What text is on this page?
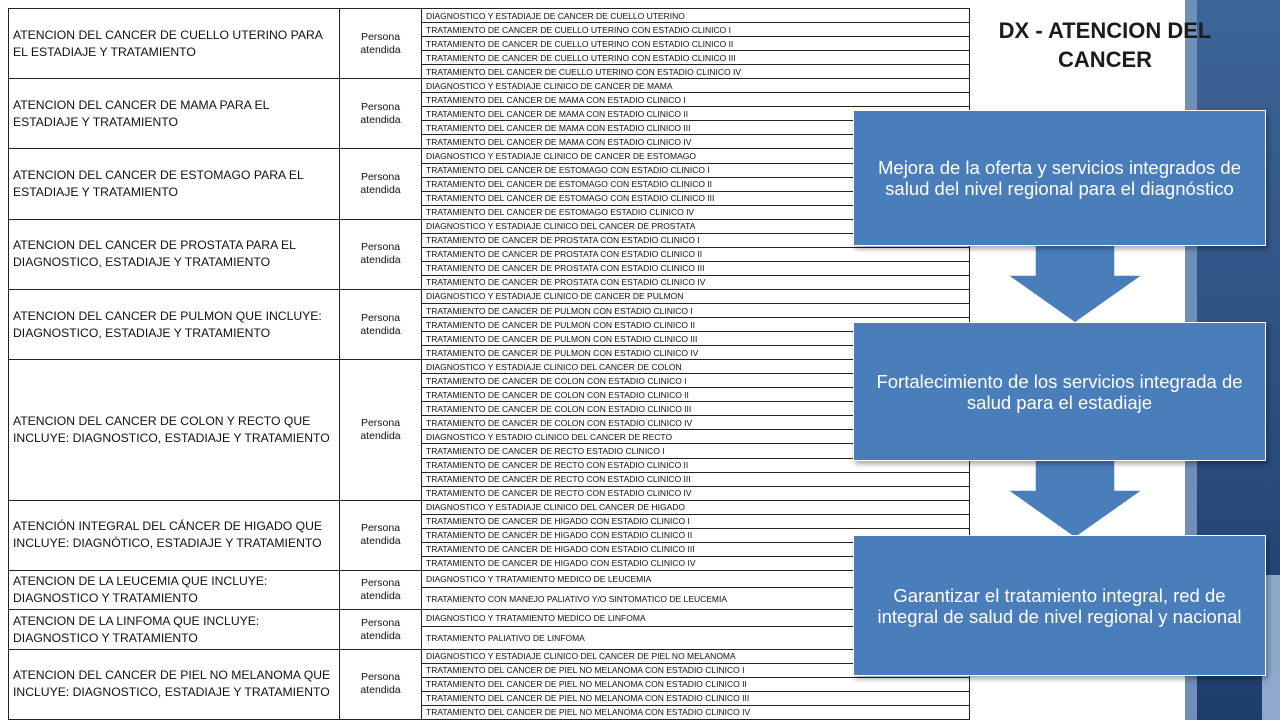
ATENCION DEL CANCER DE CUELLO UTERINO PARA EL ESTADIAJE Y TRATAMIENTO	Persona atendida	DIAGNOSTICO Y ESTADIAJE DE CANCER DE CUELLO UTERINO
		TRATAMIENTO DE CANCER DE CUELLO UTERINO CON ESTADIO CLINICO I
		TRATAMIENTO DE CANCER DE CUELLO UTERINO CON ESTADIO CLINICO II
		TRATAMIENTO DE CANCER DE CUELLO UTERINO CON ESTADIO CLINICO III
		TRATAMIENTO DEL CANCER DE CUELLO UTERINO CON ESTADIO CLINICO IV
ATENCION DEL CANCER DE MAMA PARA EL ESTADIAJE Y TRATAMIENTO	Persona atendida	DIAGNOSTICO Y ESTADIAJE CLINICO DE CANCER DE MAMA
		TRATAMIENTO DEL CANCER DE MAMA CON ESTADIO CLINICO I
		TRATAMIENTO DEL CANCER DE MAMA CON ESTADIO CLINICO II
		TRATAMIENTO DEL CANCER DE MAMA CON ESTADIO CLINICO III
		TRATAMIENTO DEL CANCER DE MAMA CON ESTADIO CLINICO IV
ATENCION DEL CANCER DE ESTOMAGO PARA EL ESTADIAJE Y TRATAMIENTO	Persona atendida	DIAGNOSTICO Y ESTADIAJE CLINICO DE CANCER DE ESTOMAGO
		TRATAMIENTO DEL CANCER DE ESTOMAGO CON ESTADIO CLINICO I
		TRATAMIENTO DEL CANCER DE ESTOMAGO CON ESTADIO CLINICO II
		TRATAMIENTO DEL CANCER DE ESTOMAGO CON ESTADIO CLINICO III
		TRATAMIENTO DEL CANCER DE ESTOMAGO ESTADIO CLINICO IV
ATENCION DEL CANCER DE PROSTATA PARA EL DIAGNOSTICO, ESTADIAJE Y TRATAMIENTO	Persona atendida	DIAGNOSTICO Y ESTADIAJE CLINICO DEL CANCER DE PROSTATA
		TRATAMIENTO DE CANCER DE PROSTATA CON ESTADIO CLINICO I
		TRATAMIENTO DE CANCER DE PROSTATA CON ESTADIO CLINICO II
		TRATAMIENTO DE CANCER DE PROSTATA CON ESTADIO CLINICO III
		TRATAMIENTO DE CANCER DE PROSTATA CON ESTADIO CLINICO IV
ATENCION DEL CANCER DE PULMON QUE INCLUYE: DIAGNOSTICO, ESTADIAJE Y TRATAMIENTO	Persona atendida	DIAGNOSTICO Y ESTADIAJE CLINICO DE CANCER DE PULMON
		TRATAMIENTO DE CANCER DE PULMON CON ESTADIO CLINICO I
		TRATAMIENTO DE CANCER DE PULMON CON ESTADIO CLINICO II
		TRATAMIENTO DE CANCER DE PULMON CON ESTADIO CLINICO III
		TRATAMIENTO DE CANCER DE PULMON CON ESTADIO CLINICO IV
ATENCION DEL CANCER DE COLON Y RECTO QUE INCLUYE: DIAGNOSTICO, ESTADIAJE Y TRATAMIENTO	Persona atendida	DIAGNOSTICO Y ESTADIAJE CLINICO DEL CANCER DE COLON
		TRATAMIENTO DE CANCER DE COLON CON ESTADIO CLINICO I
		TRATAMIENTO DE CANCER DE COLON CON ESTADIO CLINICO II
		TRATAMIENTO DE CANCER DE COLON CON ESTADIO CLINICO III
		TRATAMIENTO DE CANCER DE COLON CON ESTADIO CLINICO IV
		DIAGNOSTICO Y ESTADIO CLINICO DEL CANCER DE RECTO
		TRATAMIENTO DE CANCER DE RECTO ESTADIO CLINICO I
		TRATAMIENTO DE CANCER DE RECTO CON ESTADIO CLINICO II
		TRATAMIENTO DE CANCER DE RECTO CON ESTADIO CLINICO III
		TRATAMIENTO DE CANCER DE RECTO CON ESTADIO CLINICO IV
ATENCIÓN INTEGRAL DEL CÁNCER DE HIGADO QUE INCLUYE: DIAGNÓTICO, ESTADIAJE Y TRATAMIENTO	Persona atendida	DIAGNOSTICO Y ESTADIAJE CLINICO DEL CANCER DE HIGADO
		TRATAMIENTO DE CANCER DE HIGADO CON ESTADIO CLINICO I
		TRATAMIENTO DE CANCER DE HIGADO CON ESTADIO CLINICO II
		TRATAMIENTO DE CANCER DE HIGADO CON ESTADIO CLINICO III
		TRATAMIENTO DE CANCER DE HIGADO CON ESTADIO CLINICO IV
ATENCION DE LA LEUCEMIA QUE INCLUYE: DIAGNOSTICO Y TRATAMIENTO	Persona atendida	DIAGNOSTICO Y TRATAMIENTO MEDICO DE LEUCEMIA
		TRATAMIENTO CON MANEJO PALIATIVO Y/O SINTOMATICO DE LEUCEMIA
ATENCION DE LA LINFOMA QUE INCLUYE: DIAGNOSTICO Y TRATAMIENTO	Persona atendida	DIAGNOSTICO Y TRATAMIENTO MEDICO DE LINFOMA
		TRATAMIENTO PALIATIVO DE LINFOMA
ATENCION DEL CANCER DE PIEL NO MELANOMA QUE INCLUYE: DIAGNOSTICO, ESTADIAJE Y TRATAMIENTO	Persona atendida	DIAGNOSTICO Y ESTADIAJE CLINICO DEL CANCER DE PIEL NO MELANOMA
		TRATAMIENTO DEL CANCER DE PIEL NO MELANOMA CON ESTADIO CLINICO I
		TRATAMIENTO DEL CANCER DE PIEL NO MELANOMA CON ESTADIO CLINICO II
		TRATAMIENTO DEL CANCER DE PIEL NO MELANOMA CON ESTADIO CLINICO III
		TRATAMIENTO DEL CANCER DE PIEL NO MELANOMA CON ESTADIO CLINICO IV
DX - ATENCION DEL CANCER
Mejora de la oferta y servicios integrados de salud del nivel regional para el diagnóstico
Fortalecimiento de los servicios integrada de salud para el estadiaje
Garantizar el tratamiento integral, red de integral de salud de nivel regional y nacional
